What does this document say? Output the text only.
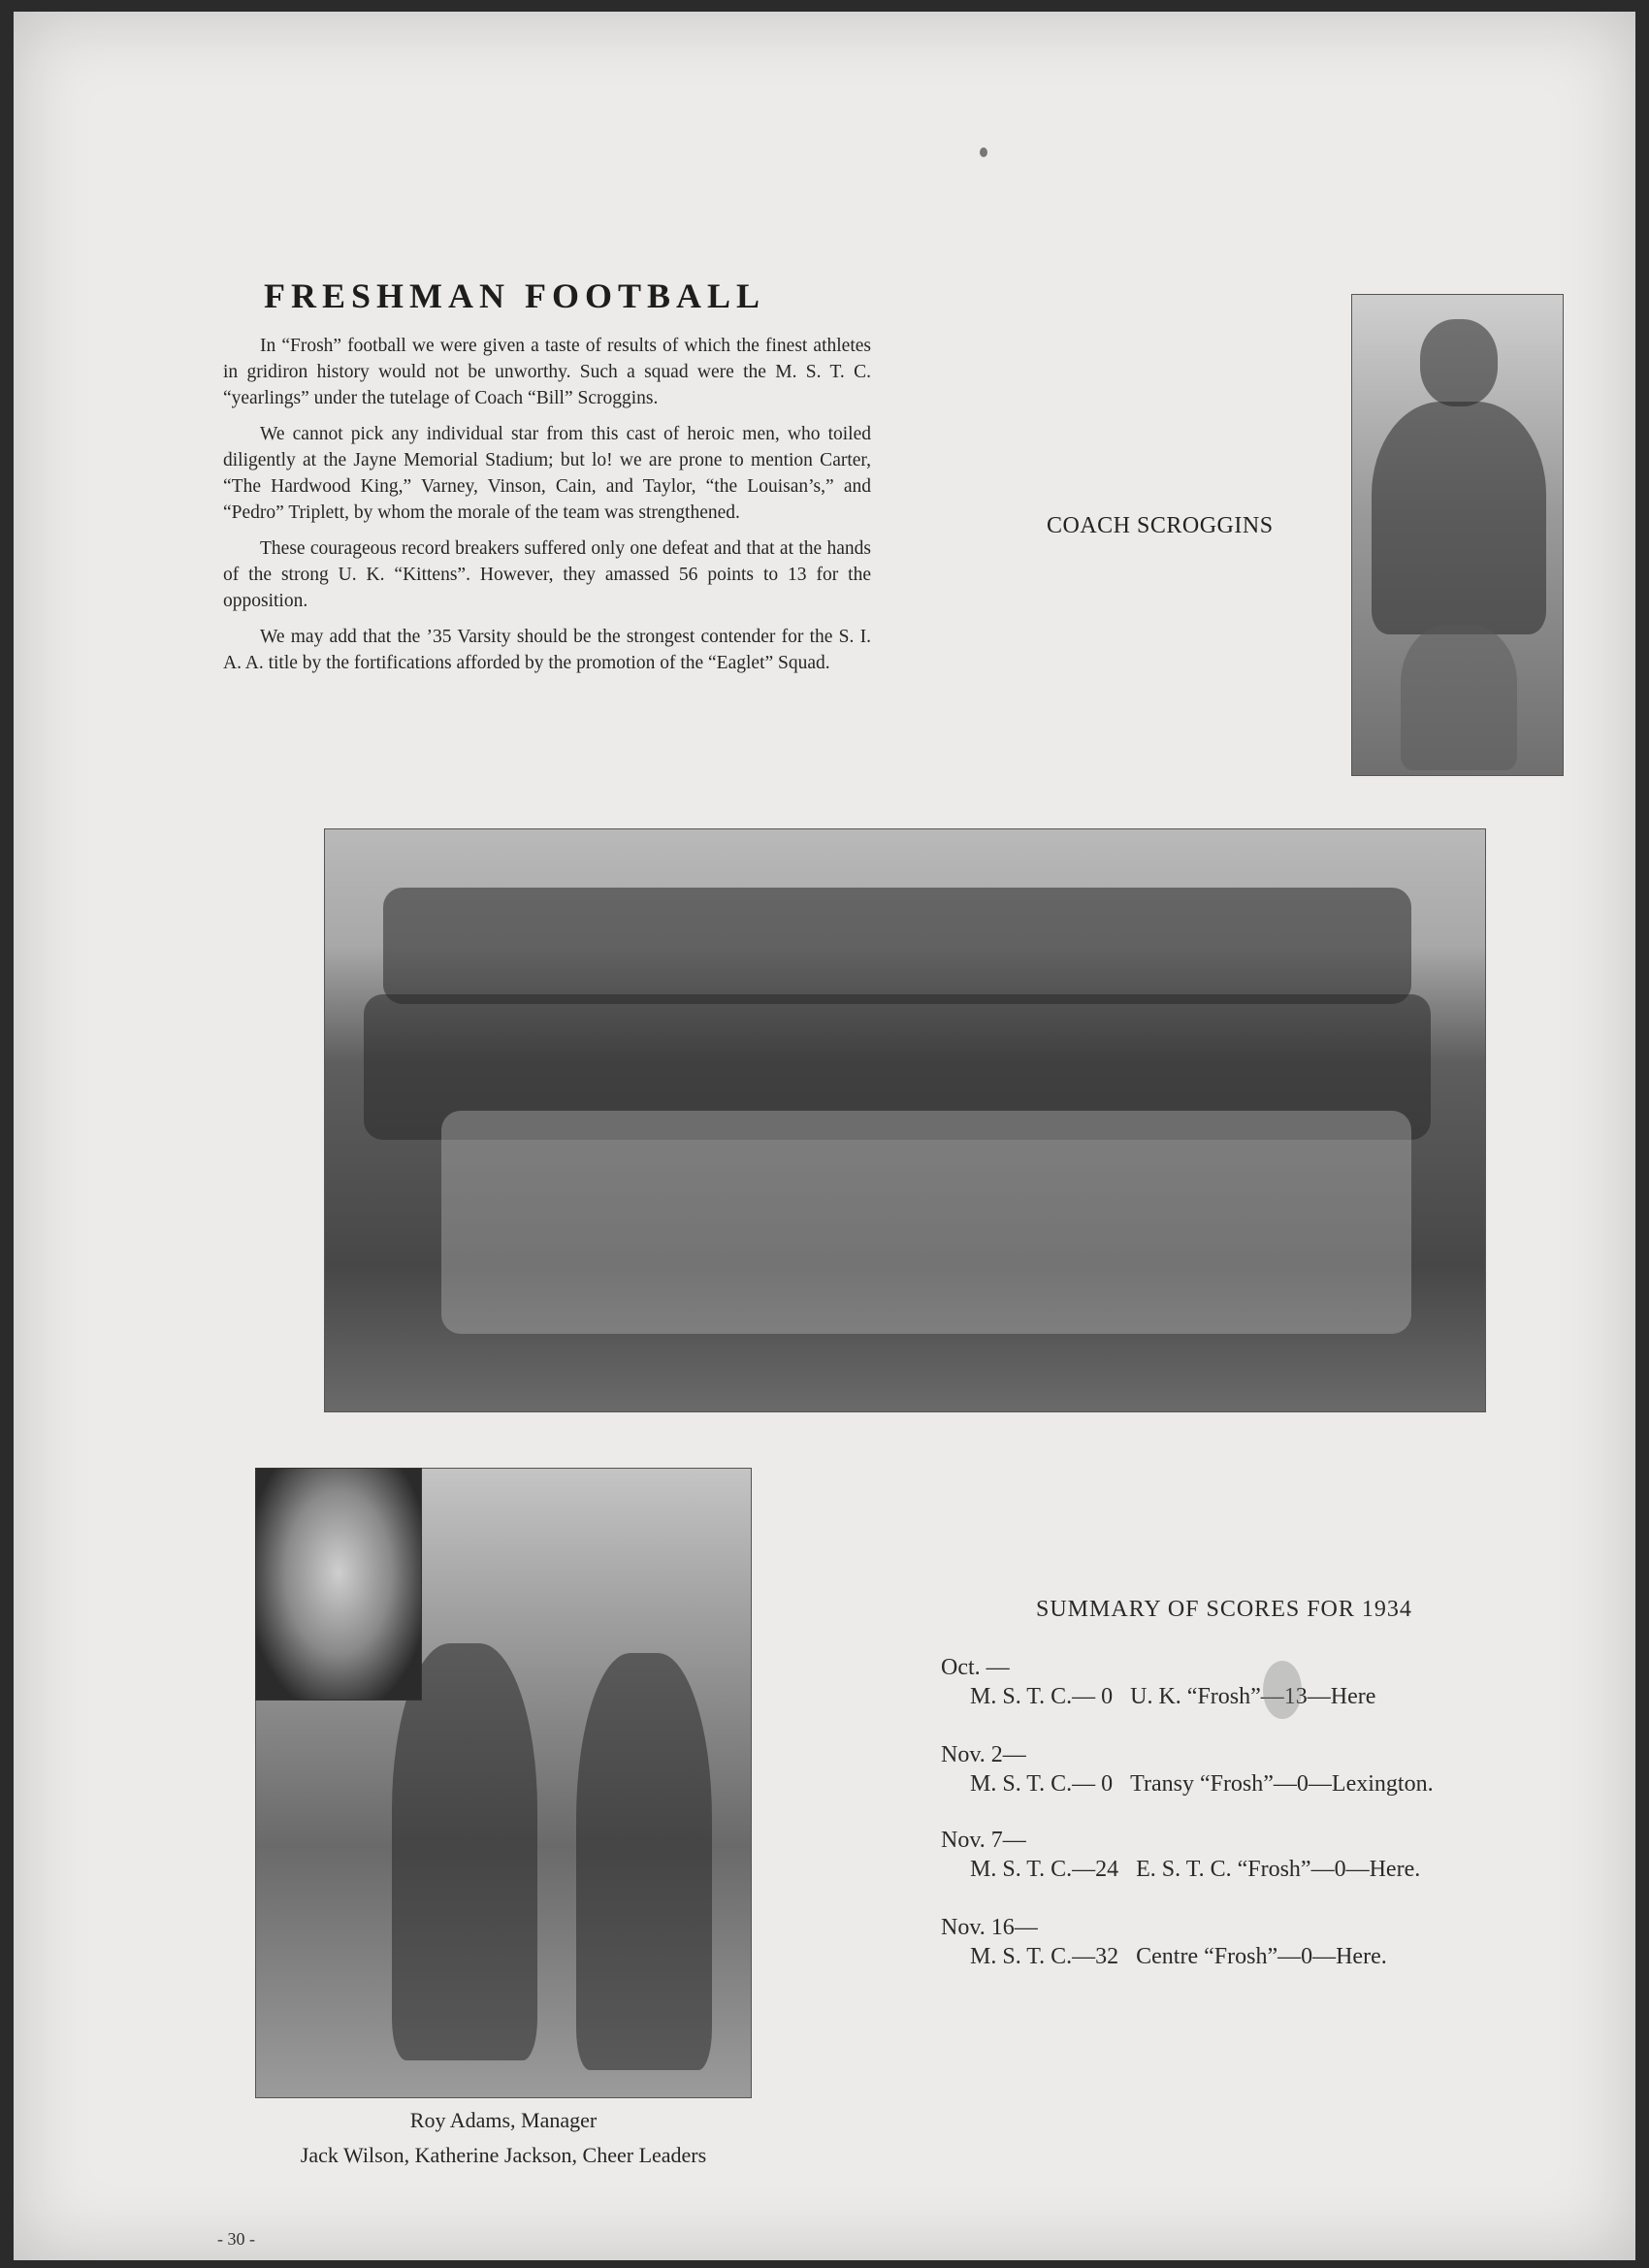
FRESHMAN FOOTBALL

In “Frosh” football we were given a taste of results of which the finest athletes in gridiron history would not be unworthy. Such a squad were the M. S. T. C. “yearlings” under the tutelage of Coach “Bill” Scroggins.

We cannot pick any individual star from this cast of heroic men, who toiled diligently at the Jayne Memorial Stadium; but lo! we are prone to mention Carter, “The Hardwood King,” Varney, Vinson, Cain, and Taylor, “the Louisan’s,” and “Pedro” Triplett, by whom the morale of the team was strengthened.

These courageous record breakers suffered only one defeat and that at the hands of the strong U. K. “Kittens”. However, they amassed 56 points to 13 for the opposition.

We may add that the ’35 Varsity should be the strongest contender for the S. I. A. A. title by the fortifications afforded by the promotion of the “Eaglet” Squad.

COACH SCROGGINS
Roy Adams, Manager
Jack Wilson, Katherine Jackson, Cheer Leaders
SUMMARY OF SCORES FOR 1934
Oct. —
M. S. T. C.— 0 U. K. “Frosh”—13—Here
Nov. 2—
M. S. T. C.— 0 Transy “Frosh”—0—Lexington.
Nov. 7—
M. S. T. C.—24 E. S. T. C. “Frosh”—0—Here.
Nov. 16—
M. S. T. C.—32 Centre “Frosh”—0—Here.
- 30 -
